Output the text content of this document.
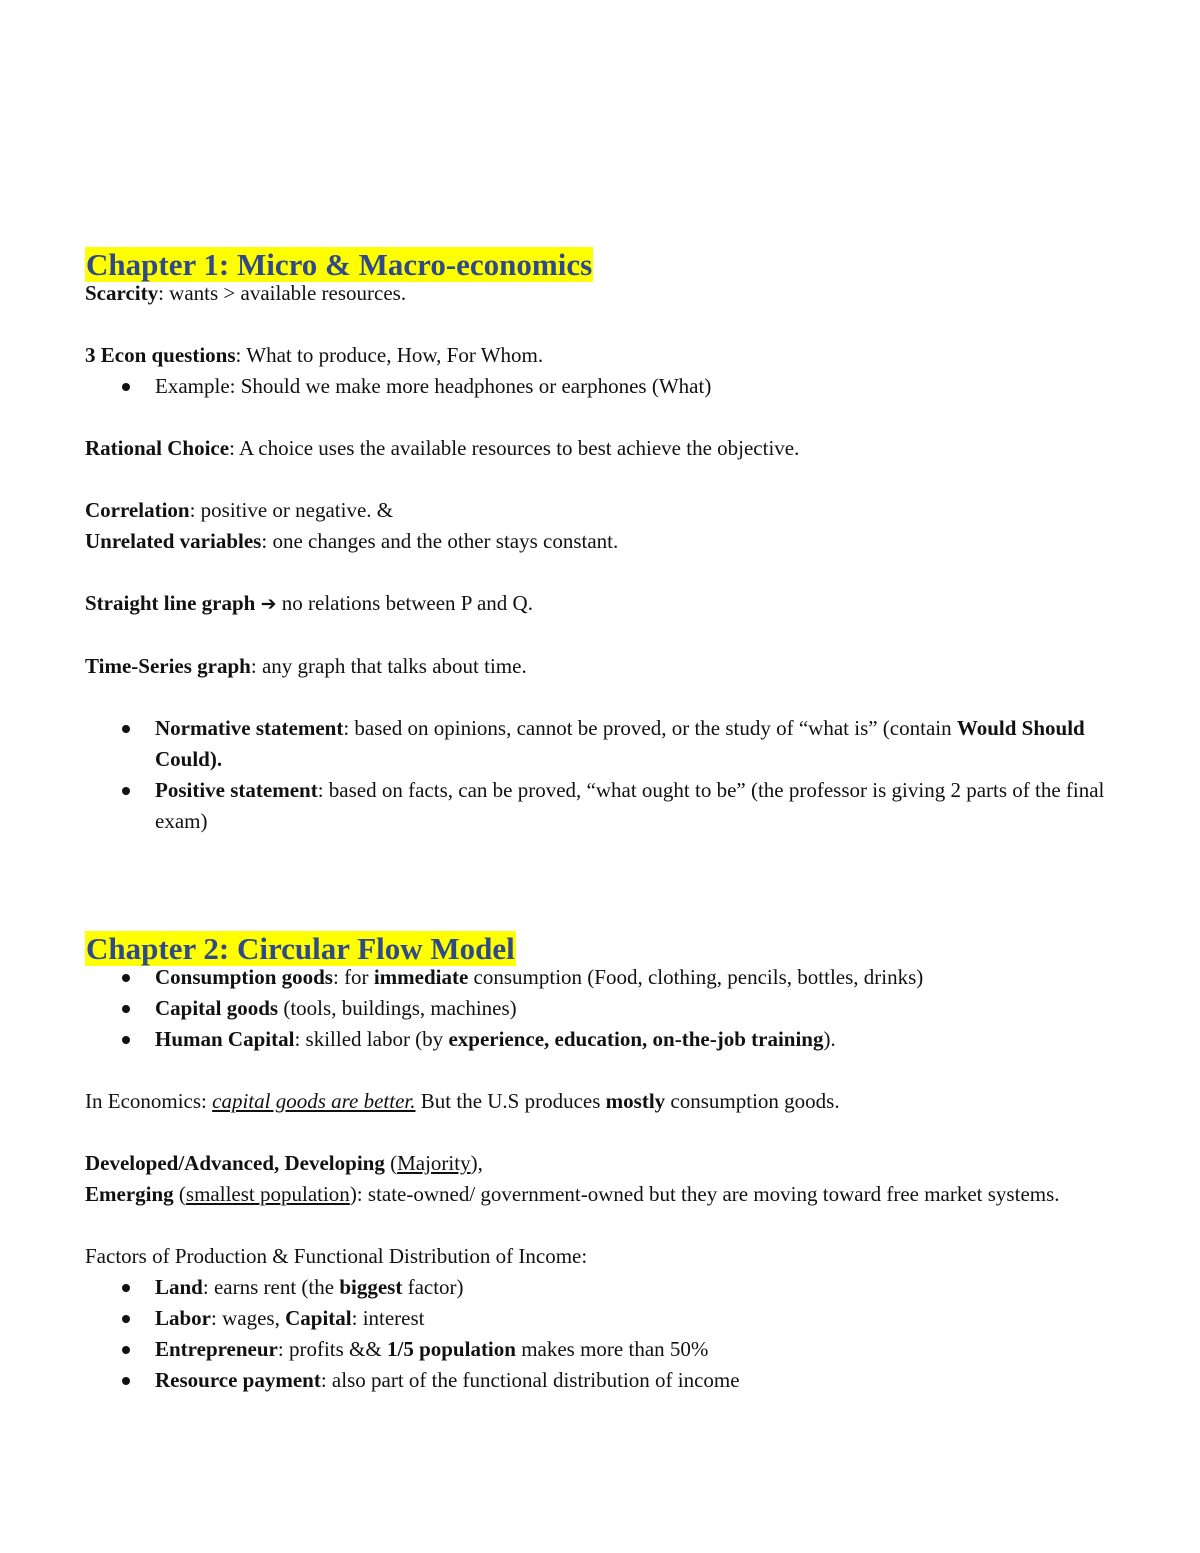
Chapter 1: Micro & Macro-economics

Scarcity: wants > available resources.

3 Econ questions: What to produce, How, For Whom.

Example: Should we make more headphones or earphones (What)

Rational Choice: A choice uses the available resources to best achieve the objective.

Correlation: positive or negative. &

Unrelated variables: one changes and the other stays constant.

Straight line graph ➔ no relations between P and Q.

Time-Series graph: any graph that talks about time.

Normative statement: based on opinions, cannot be proved, or the study of “what is” (contain Would Should Could).
Positive statement: based on facts, can be proved, “what ought to be” (the professor is giving 2 parts of the final exam)
Chapter 2: Circular Flow Model
Consumption goods: for immediate consumption (Food, clothing, pencils, bottles, drinks)
Capital goods (tools, buildings, machines)
Human Capital: skilled labor (by experience, education, on-the-job training).

In Economics: capital goods are better. But the U.S produces mostly consumption goods.

Developed/Advanced, Developing (Majority),

Emerging (smallest population): state-owned/ government-owned but they are moving toward free market systems.

Factors of Production & Functional Distribution of Income:

Land: earns rent (the biggest factor)
Labor: wages, Capital: interest
Entrepreneur: profits && 1/5 population makes more than 50%
Resource payment: also part of the functional distribution of income
